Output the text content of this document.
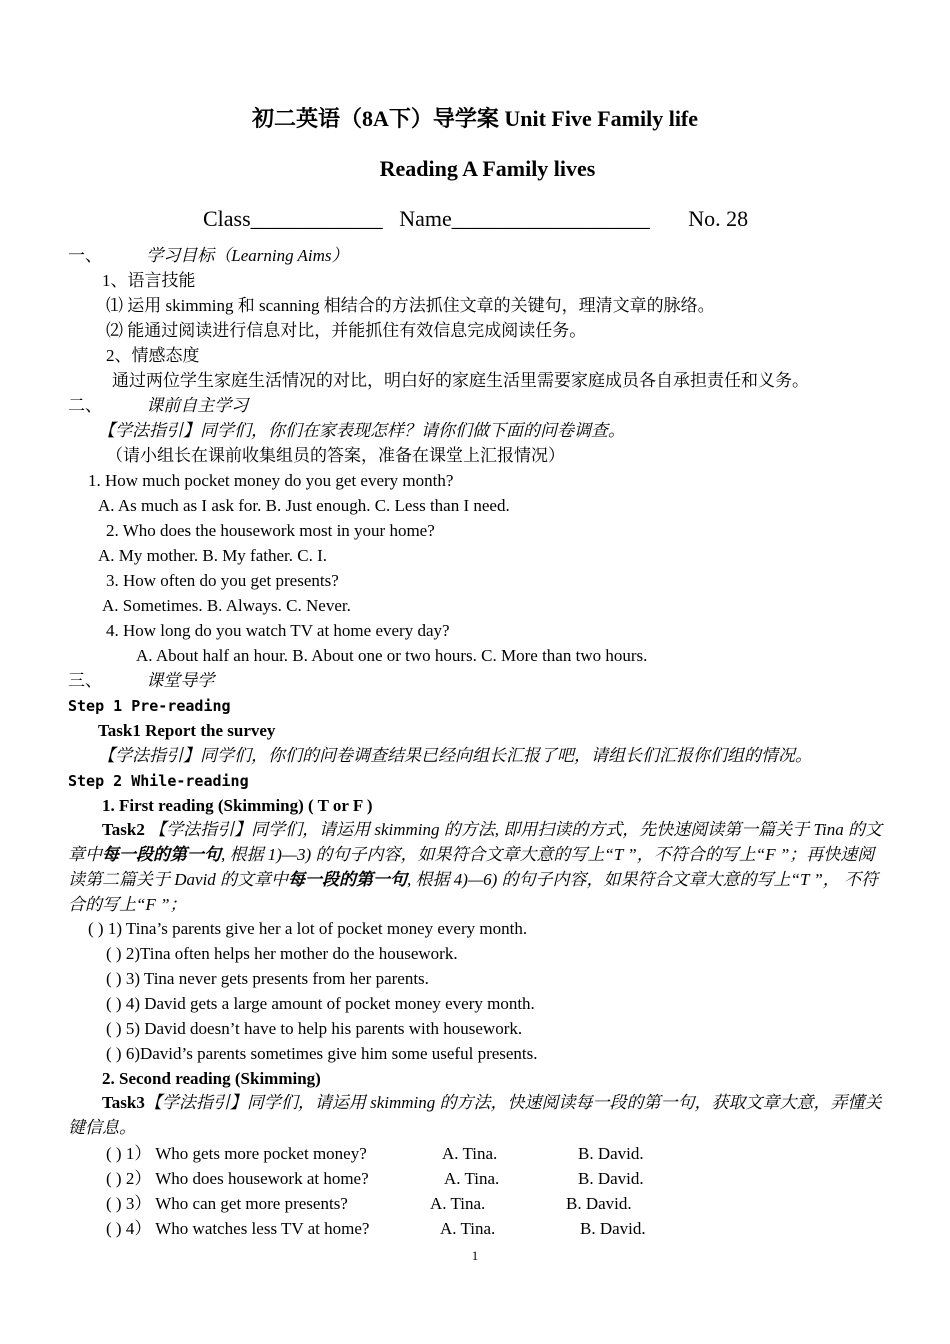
初二英语（8A下）导学案 Unit Five Family life
Reading A Family lives
Class____________ Name__________________ No. 28
一、	学习目标（Learning Aims）
1、语言技能
⑴ 运用 skimming 和 scanning 相结合的方法抓住文章的关键句，理清文章的脉络。
⑵ 能通过阅读进行信息对比，并能抓住有效信息完成阅读任务。
2、情感态度
通过两位学生家庭生活情况的对比，明白好的家庭生活里需要家庭成员各自承担责任和义务。
二、	课前自主学习
【学法指引】同学们，你们在家表现怎样？请你们做下面的问卷调查。
（请小组长在课前收集组员的答案，准备在课堂上汇报情况）
1. How much pocket money do you get every month?
A. As much as I ask for. B. Just enough. C. Less than I need.
2. Who does the housework most in your home?
A. My mother. B. My father. C. I.
3. How often do you get presents?
A. Sometimes. B. Always. C. Never.
4. How long do you watch TV at home every day?
A. About half an hour. B. About one or two hours. C. More than two hours.
三、	课堂导学
Step 1 Pre-reading
Task1 Report the survey
【学法指引】同学们，你们的问卷调查结果已经向组长汇报了吧，请组长们汇报你们组的情况。
Step 2 While-reading
1. First reading (Skimming) ( T or F )
Task2 【学法指引】同学们，请运用 skimming 的方法, 即用扫读的方式，先快速阅读第一篇关于 Tina 的文章中每一段的第一句, 根据 1)—3) 的句子内容，如果符合文章大意的写上“T ”，不符合的写上“F ”；再快速阅读第二篇关于 David 的文章中每一段的第一句, 根据 4)—6) 的句子内容，如果符合文章大意的写上“T ”， 不符合的写上“F ”；
( ) 1) Tina’s parents give her a lot of pocket money every month.
( ) 2)Tina often helps her mother do the housework.
( ) 3) Tina never gets presents from her parents.
( ) 4) David gets a large amount of pocket money every month.
( ) 5) David doesn’t have to help his parents with housework.
( ) 6)David’s parents sometimes give him some useful presents.
2. Second reading (Skimming)
Task3【学法指引】同学们，请运用 skimming 的方法，快速阅读每一段的第一句，获取文章大意，弄懂关键信息。
( ) 1） Who gets more pocket money?	A. Tina.	B. David.
( ) 2） Who does housework at home?	A. Tina.	B. David.
( ) 3） Who can get more presents?	A. Tina.	B. David.
( ) 4） Who watches less TV at home?	A. Tina.	B. David.
1
